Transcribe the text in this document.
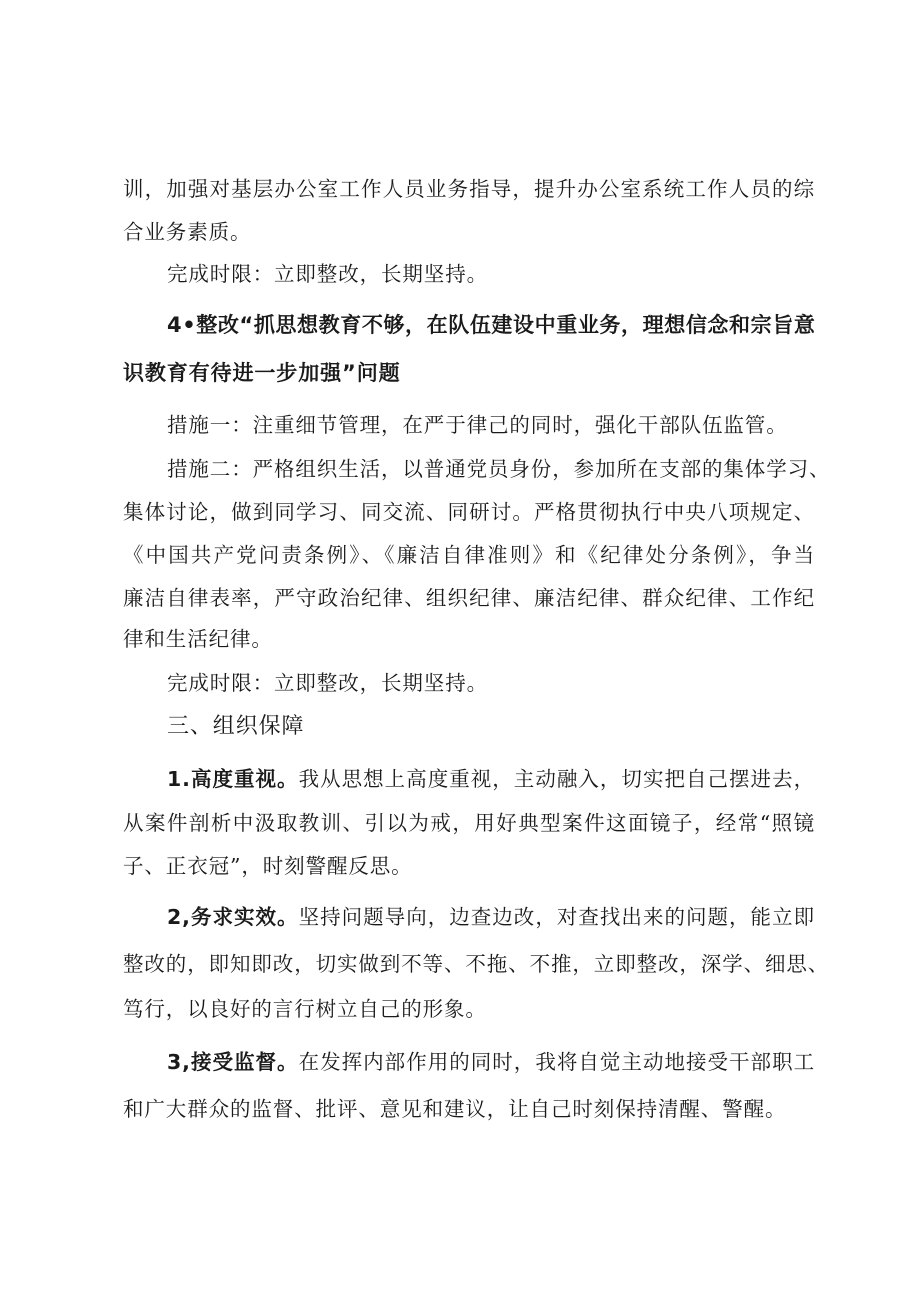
训，加强对基层办公室工作人员业务指导，提升办公室系统工作人员的综
合业务素质。
完成时限：立即整改，长期坚持。
4•整改“抓思想教育不够，在队伍建设中重业务，理想信念和宗旨意
识教育有待进一步加强”问题
措施一：注重细节管理，在严于律己的同时，强化干部队伍监管。
措施二：严格组织生活，以普通党员身份，参加所在支部的集体学习、
集体讨论，做到同学习、同交流、同研讨。严格贯彻执行中央八项规定、
《中国共产党问责条例》、《廉洁自律准则》和《纪律处分条例》，争当
廉洁自律表率，严守政治纪律、组织纪律、廉洁纪律、群众纪律、工作纪
律和生活纪律。
完成时限：立即整改，长期坚持。
三、组织保障
1.高度重视。我从思想上高度重视，主动融入，切实把自己摆进去，
从案件剖析中汲取教训、引以为戒，用好典型案件这面镜子，经常“照镜
子、正衣冠”，时刻警醒反思。
2,务求实效。坚持问题导向，边查边改，对查找出来的问题，能立即
整改的，即知即改，切实做到不等、不拖、不推，立即整改，深学、细思、
笃行，以良好的言行树立自己的形象。
3,接受监督。在发挥内部作用的同时，我将自觉主动地接受干部职工
和广大群众的监督、批评、意见和建议，让自己时刻保持清醒、警醒。
